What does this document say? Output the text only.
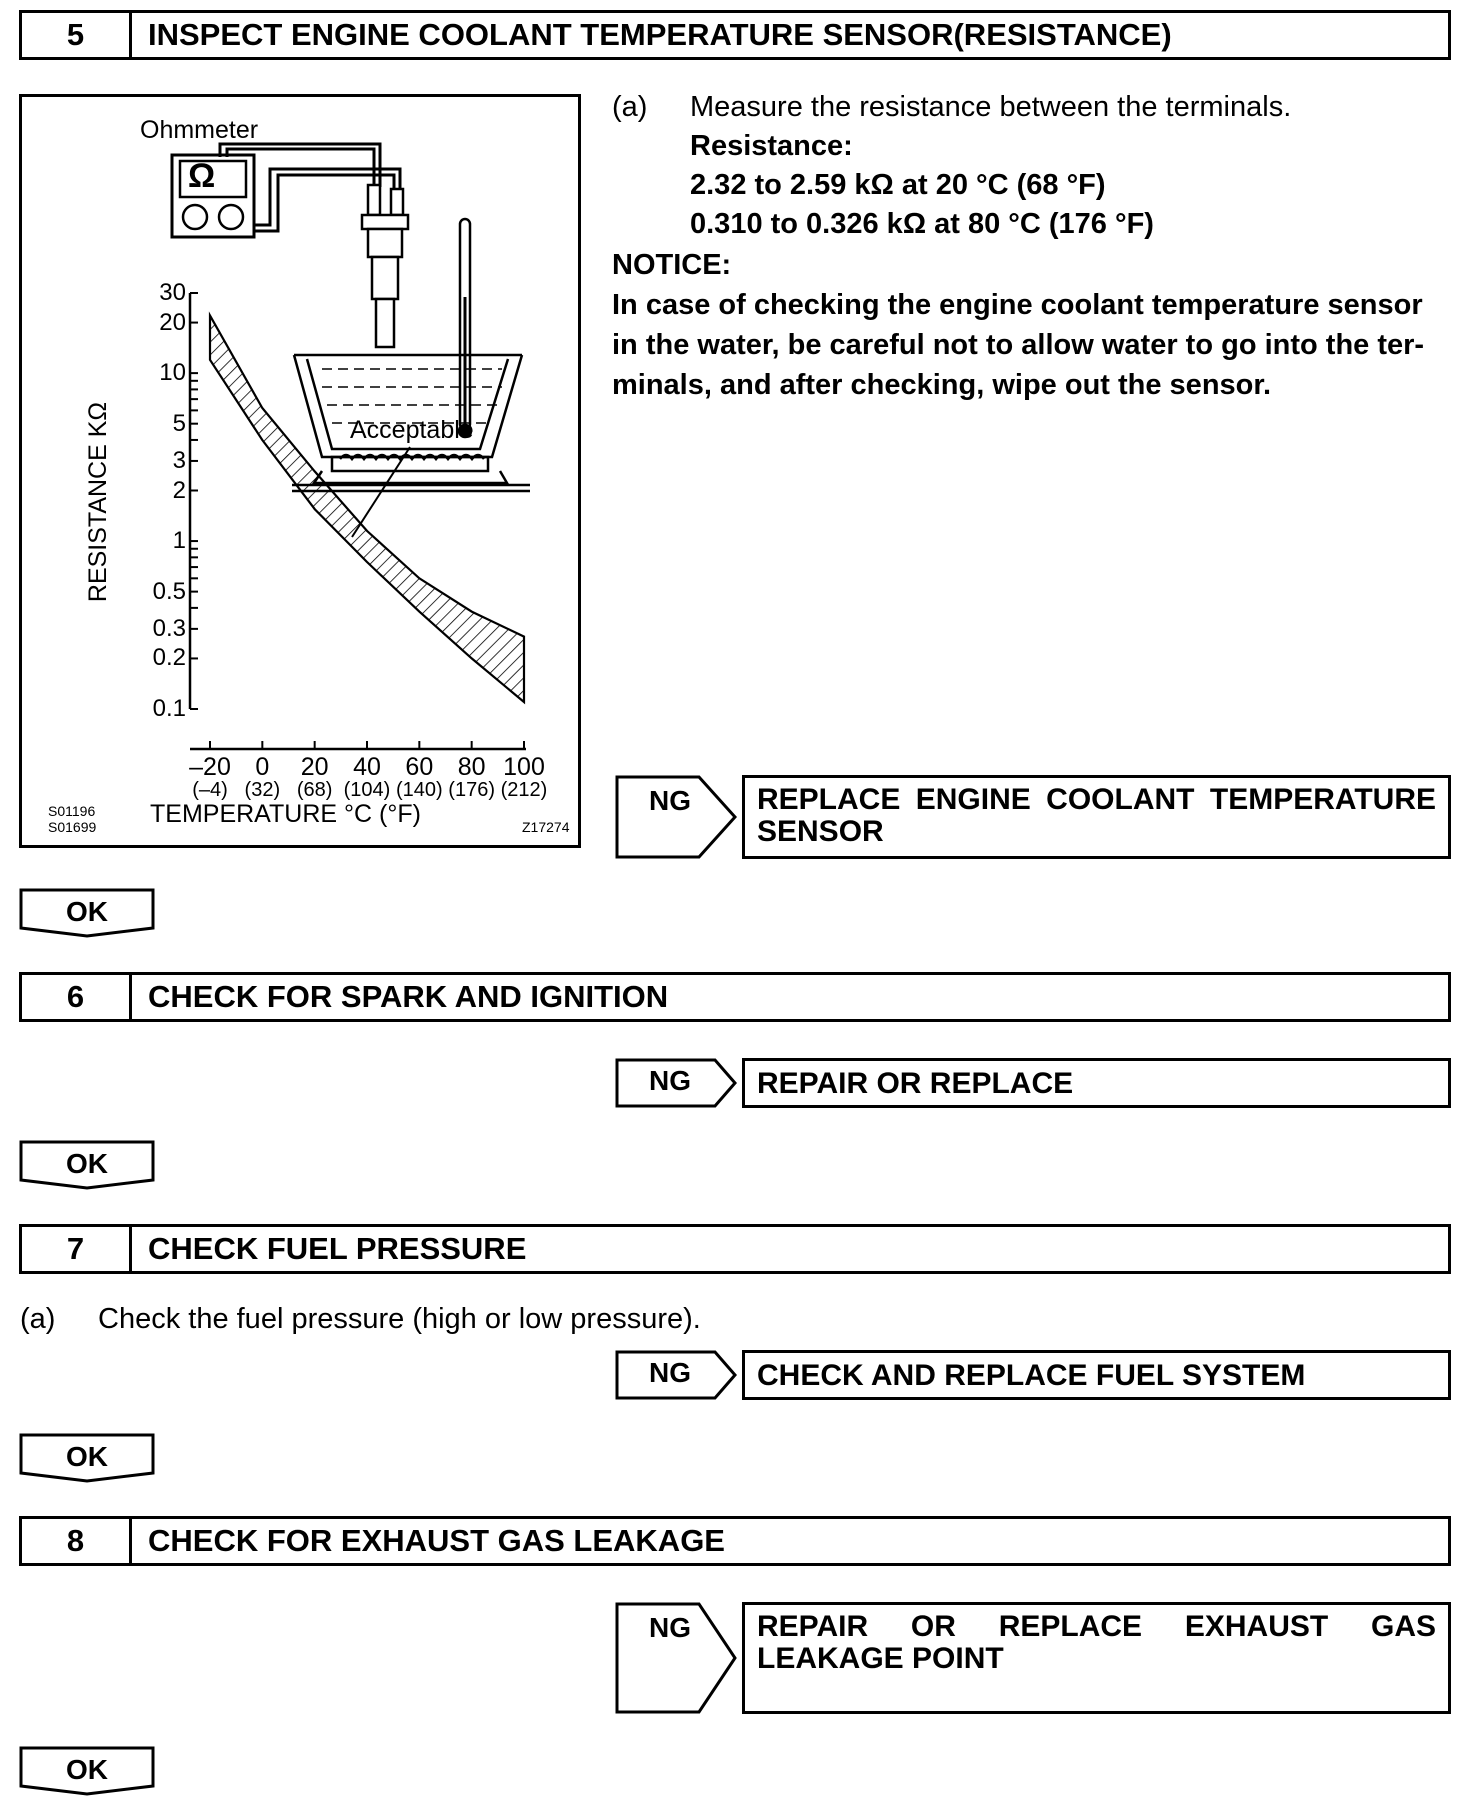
5	INSPECT ENGINE COOLANT TEMPERATURE SENSOR(RESISTANCE)
Ohmmeter
Ω
Acceptable
RESISTANCE KΩ
30
20
10
5
3
2
1
0.5
0.3
0.2
0.1
–20
(–4)
0
(32)
20
(68)
40
(104)
60
(140)
80
(176)
100
(212)
TEMPERATURE °C (°F)
S01196
S01699	Z17274
(a) Measure the resistance between the terminals.
Resistance:
2.32 to 2.59 kΩ at 20 °C (68 °F)
0.310 to 0.326 kΩ at 80 °C (176 °F)
NOTICE:
In case of checking the engine coolant temperature sensor
in the water, be careful not to allow water to go into the ter-
minals, and after checking, wipe out the sensor.
NG REPLACE ENGINE COOLANT TEMPERATURE
SENSOR
OK
6	CHECK FOR SPARK AND IGNITION
NG	REPAIR OR REPLACE
OK
7	CHECK FUEL PRESSURE
(a) Check the fuel pressure (high or low pressure).
NG	CHECK AND REPLACE FUEL SYSTEM
OK
8	CHECK FOR EXHAUST GAS LEAKAGE
NG REPAIR OR REPLACE EXHAUST GAS
LEAKAGE POINT
OK
